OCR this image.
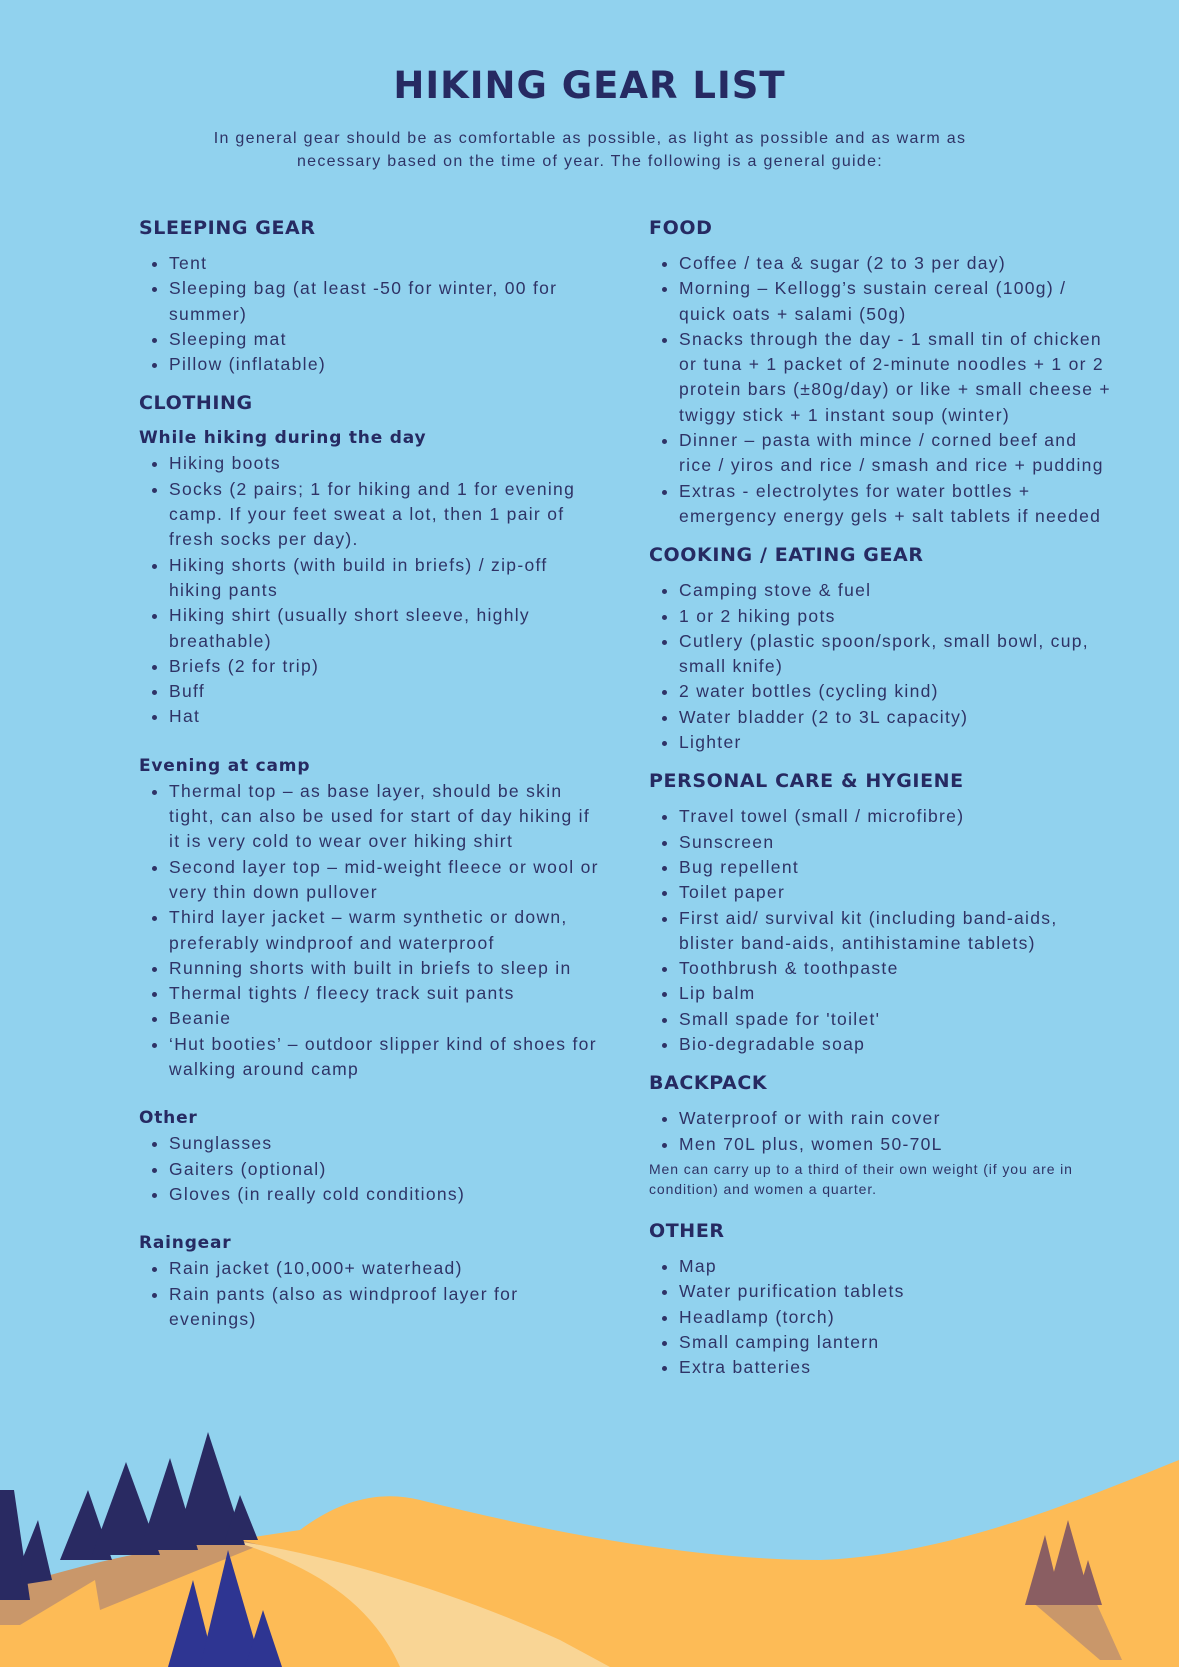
HIKING GEAR LIST

In general gear should be as comfortable as possible, as light as possible and as warm as necessary based on the time of year. The following is a general guide:

SLEEPING GEAR
• Tent
• Sleeping bag (at least -50 for winter, 00 for summer)
• Sleeping mat
• Pillow (inflatable)
CLOTHING
While hiking during the day
• Hiking boots
• Socks (2 pairs; 1 for hiking and 1 for evening camp. If your feet sweat a lot, then 1 pair of fresh socks per day).
• Hiking shorts (with build in briefs) / zip-off hiking pants
• Hiking shirt (usually short sleeve, highly breathable)
• Briefs (2 for trip)
• Buff
• Hat
Evening at camp
• Thermal top – as base layer, should be skin tight, can also be used for start of day hiking if it is very cold to wear over hiking shirt
• Second layer top – mid-weight fleece or wool or very thin down pullover
• Third layer jacket – warm synthetic or down, preferably windproof and waterproof
• Running shorts with built in briefs to sleep in
• Thermal tights / fleecy track suit pants
• Beanie
• ‘Hut booties’ – outdoor slipper kind of shoes for walking around camp
Other
• Sunglasses
• Gaiters (optional)
• Gloves (in really cold conditions)
Raingear
• Rain jacket (10,000+ waterhead)
• Rain pants (also as windproof layer for evenings)
FOOD
• Coffee / tea & sugar (2 to 3 per day)
• Morning – Kellogg’s sustain cereal (100g) / quick oats + salami (50g)
• Snacks through the day - 1 small tin of chicken or tuna + 1 packet of 2-minute noodles + 1 or 2 protein bars (±80g/day) or like + small cheese + twiggy stick + 1 instant soup (winter)
• Dinner – pasta with mince / corned beef and rice / yiros and rice / smash and rice + pudding
• Extras - electrolytes for water bottles + emergency energy gels + salt tablets if needed
COOKING / EATING GEAR
• Camping stove & fuel
• 1 or 2 hiking pots
• Cutlery (plastic spoon/spork, small bowl, cup, small knife)
• 2 water bottles (cycling kind)
• Water bladder (2 to 3L capacity)
• Lighter
PERSONAL CARE & HYGIENE
• Travel towel (small / microfibre)
• Sunscreen
• Bug repellent
• Toilet paper
• First aid/ survival kit (including band-aids, blister band-aids, antihistamine tablets)
• Toothbrush & toothpaste
• Lip balm
• Small spade for 'toilet'
• Bio-degradable soap
BACKPACK
• Waterproof or with rain cover
• Men 70L plus, women 50-70L

Men can carry up to a third of their own weight (if you are in condition) and women a quarter.

OTHER
• Map
• Water purification tablets
• Headlamp (torch)
• Small camping lantern
• Extra batteries
